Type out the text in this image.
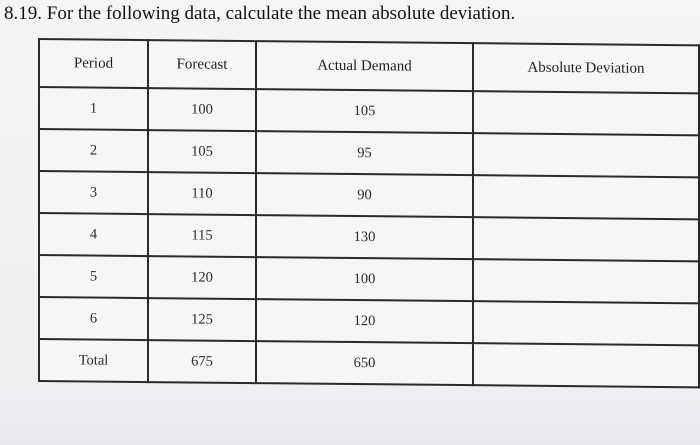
8.19. For the following data, calculate the mean absolute deviation.
Period	Forecast	Actual Demand	Absolute Deviation
1	100	105	
2	105	95	
3	110	90	
4	115	130	
5	120	100	
6	125	120	
Total	675	650	
